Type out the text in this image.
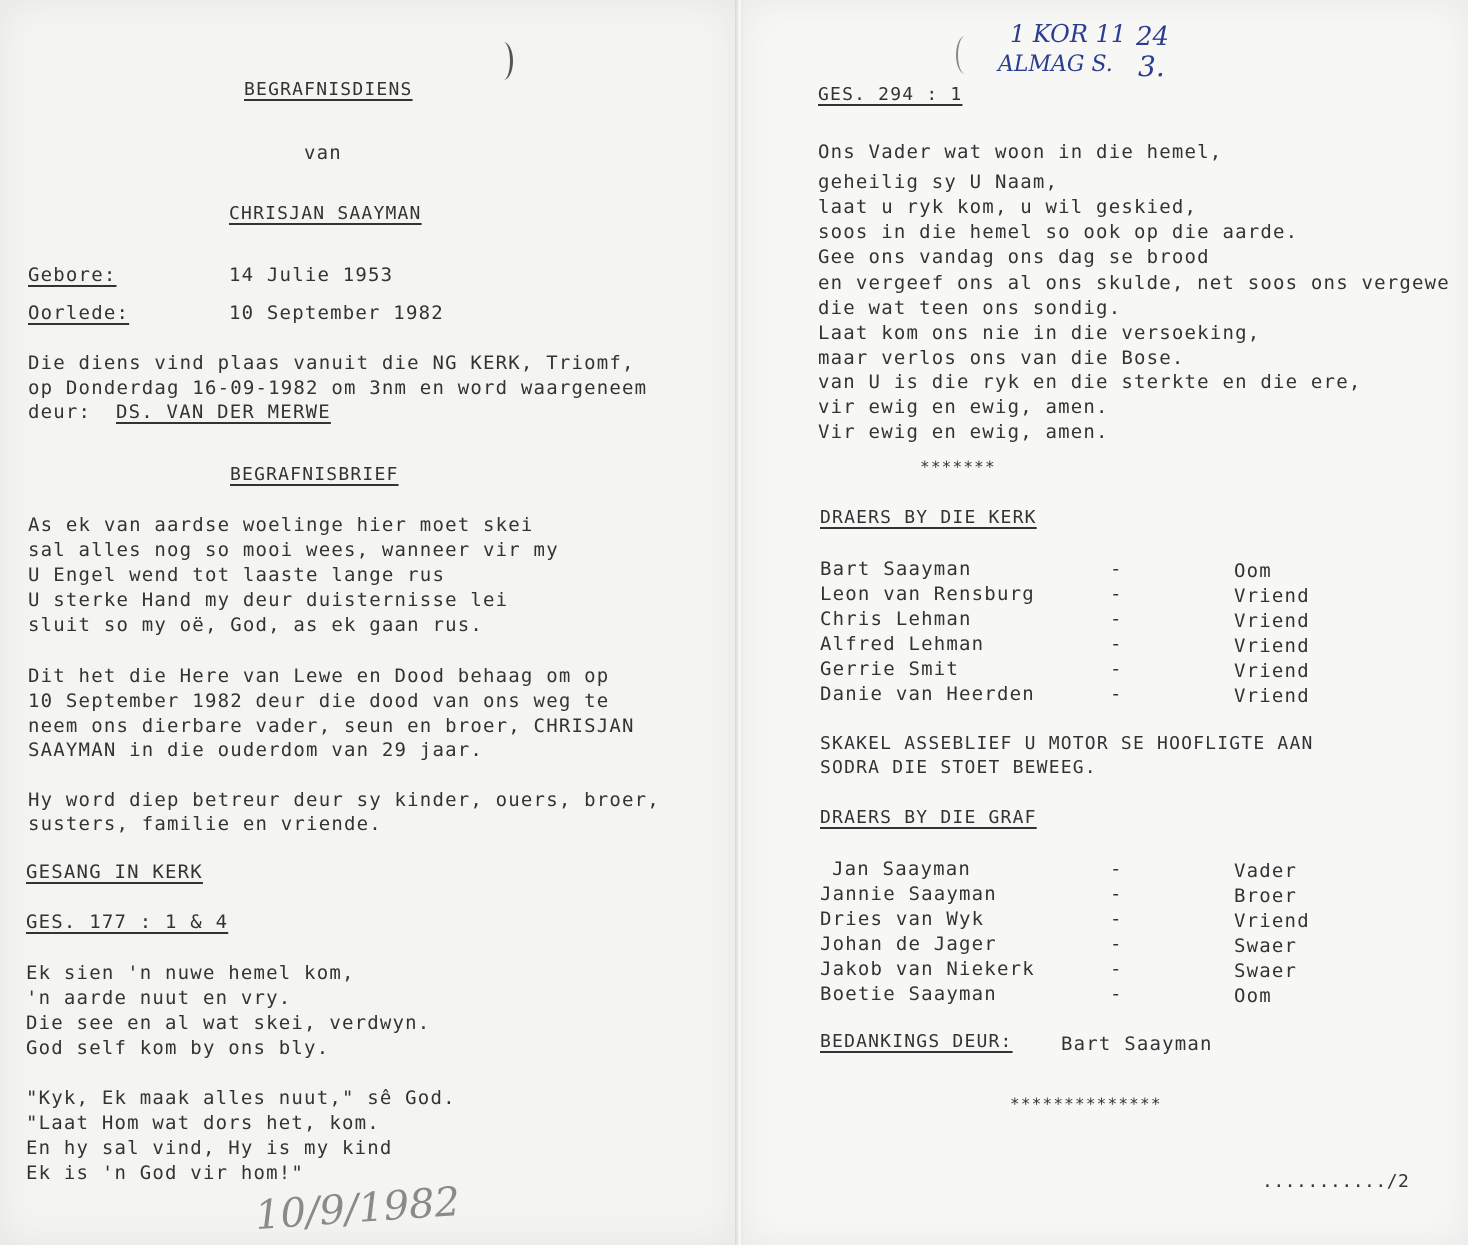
BEGRAFNISDIENS
van
CHRISJAN SAAYMAN
Gebore:	14 Julie 1953
Oorlede:	10 September 1982
Die diens vind plaas vanuit die NG KERK, Triomf,
op Donderdag 16-09-1982 om 3nm en word waargeneem
deur: DS. VAN DER MERWE
BEGRAFNISBRIEF
As ek van aardse woelinge hier moet skei
sal alles nog so mooi wees, wanneer vir my
U Engel wend tot laaste lange rus
U sterke Hand my deur duisternisse lei
sluit so my oë, God, as ek gaan rus.
Dit het die Here van Lewe en Dood behaag om op
10 September 1982 deur die dood van ons weg te
neem ons dierbare vader, seun en broer, CHRISJAN
SAAYMAN in die ouderdom van 29 jaar.
Hy word diep betreur deur sy kinder, ouers, broer,
susters, familie en vriende.
GESANG IN KERK
GES. 177 : 1 & 4
Ek sien 'n nuwe hemel kom,
'n aarde nuut en vry.
Die see en al wat skei, verdwyn.
God self kom by ons bly.
"Kyk, Ek maak alles nuut," sê God.
"Laat Hom wat dors het, kom.
En hy sal vind, Hy is my kind
Ek is 'n God vir hom!"
10/9/1982
1 KOR 11 24
ALMAG S. 3.
GES. 294 : 1
Ons Vader wat woon in die hemel,
geheilig sy U Naam,
laat u ryk kom, u wil geskied,
soos in die hemel so ook op die aarde.
Gee ons vandag ons dag se brood
en vergeef ons al ons skulde, net soos ons vergewe
die wat teen ons sondig.
Laat kom ons nie in die versoeking,
maar verlos ons van die Bose.
van U is die ryk en die sterkte en die ere,
vir ewig en ewig, amen.
Vir ewig en ewig, amen.
*******
DRAERS BY DIE KERK
Bart Saayman	-	Oom
Leon van Rensburg	-	Vriend
Chris Lehman	-	Vriend
Alfred Lehman	-	Vriend
Gerrie Smit	-	Vriend
Danie van Heerden	-	Vriend
SKAKEL ASSEBLIEF U MOTOR SE HOOFLIGTE AAN
SODRA DIE STOET BEWEEG.
DRAERS BY DIE GRAF
Jan Saayman	-	Vader
Jannie Saayman	-	Broer
Dries van Wyk	-	Vriend
Johan de Jager	-	Swaer
Jakob van Niekerk	-	Swaer
Boetie Saayman	-	Oom
BEDANKINGS DEUR:	Bart Saayman
**************
.........../2
